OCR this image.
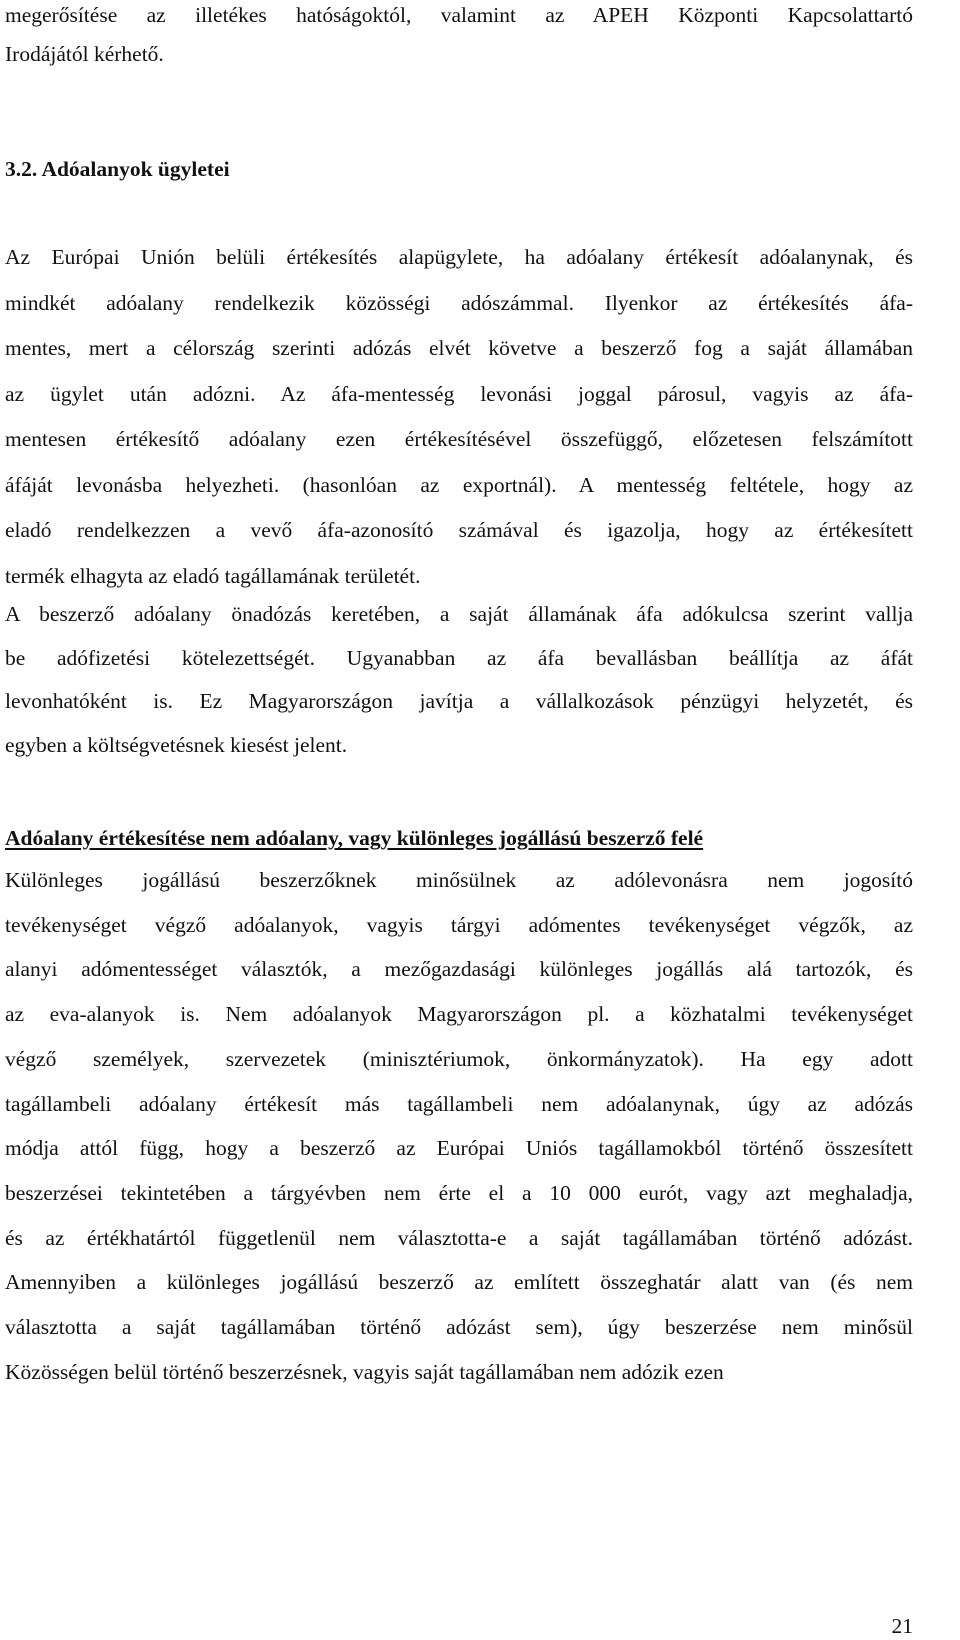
megerősítése az illetékes hatóságoktól, valamint az APEH Központi Kapcsolattartó
Irodájától kérhető.
3.2. Adóalanyok ügyletei
Az Európai Unión belüli értékesítés alapügylete, ha adóalany értékesít adóalanynak, és
mindkét adóalany rendelkezik közösségi adószámmal. Ilyenkor az értékesítés áfa-
mentes, mert a célország szerinti adózás elvét követve a beszerző fog a saját államában
az ügylet után adózni. Az áfa-mentesség levonási joggal párosul, vagyis az áfa-
mentesen értékesítő adóalany ezen értékesítésével összefüggő, előzetesen felszámított
áfáját levonásba helyezheti. (hasonlóan az exportnál). A mentesség feltétele, hogy az
eladó rendelkezzen a vevő áfa-azonosító számával és igazolja, hogy az értékesített
termék elhagyta az eladó tagállamának területét.
A beszerző adóalany önadózás keretében, a saját államának áfa adókulcsa szerint vallja
be adófizetési kötelezettségét. Ugyanabban az áfa bevallásban beállítja az áfát
levonhatóként is. Ez Magyarországon javítja a vállalkozások pénzügyi helyzetét, és
egyben a költségvetésnek kiesést jelent.
Adóalany értékesítése nem adóalany, vagy különleges jogállású beszerző felé
Különleges jogállású beszerzőknek minősülnek az adólevonásra nem jogosító
tevékenységet végző adóalanyok, vagyis tárgyi adómentes tevékenységet végzők, az
alanyi adómentességet választók, a mezőgazdasági különleges jogállás alá tartozók, és
az eva-alanyok is. Nem adóalanyok Magyarországon pl. a közhatalmi tevékenységet
végző személyek, szervezetek (minisztériumok, önkormányzatok). Ha egy adott
tagállambeli adóalany értékesít más tagállambeli nem adóalanynak, úgy az adózás
módja attól függ, hogy a beszerző az Európai Uniós tagállamokból történő összesített
beszerzései tekintetében a tárgyévben nem érte el a 10 000 eurót, vagy azt meghaladja,
és az értékhatártól függetlenül nem választotta-e a saját tagállamában történő adózást.
Amennyiben a különleges jogállású beszerző az említett összeghatár alatt van (és nem
választotta a saját tagállamában történő adózást sem), úgy beszerzése nem minősül
Közösségen belül történő beszerzésnek, vagyis saját tagállamában nem adózik ezen
21
